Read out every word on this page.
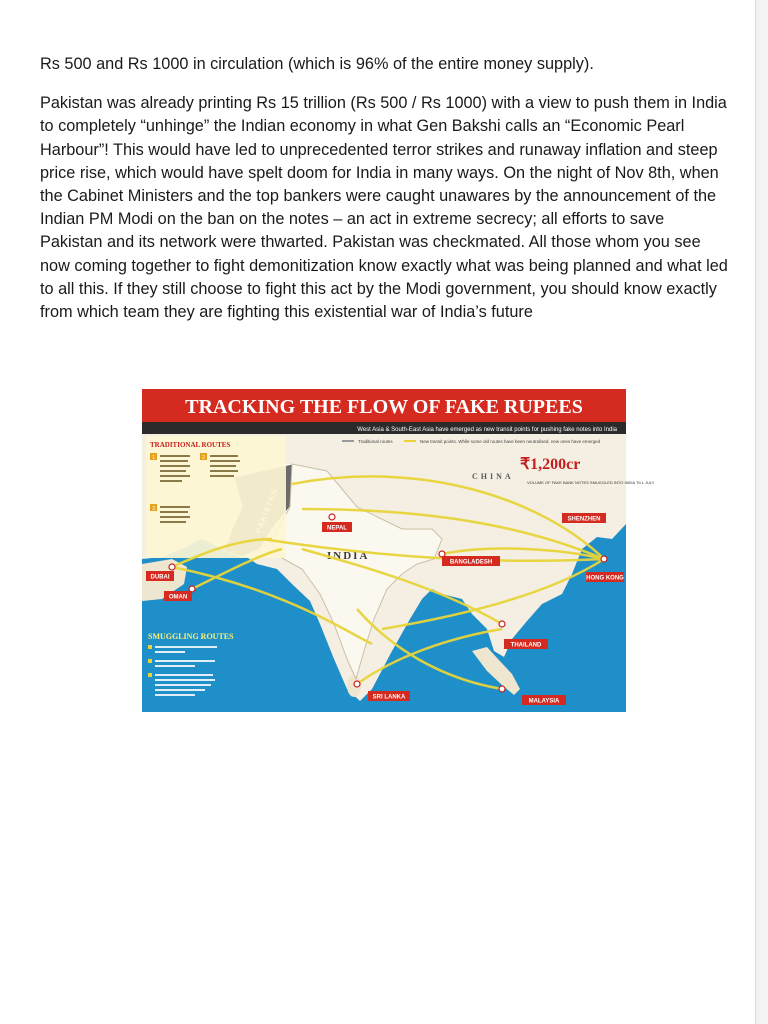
Rs 500 and Rs 1000 in circulation (which is 96% of the entire money supply).

Pakistan was already printing Rs 15 trillion (Rs 500 / Rs 1000) with a view to push them in India to completely “unhinge” the Indian economy in what Gen Bakshi calls an “Economic Pearl Harbour”! This would have led to unprecedented terror strikes and runaway inflation and steep price rise, which would have spelt doom for India in many ways. On the night of Nov 8th, when the Cabinet Ministers and the top bankers were caught unawares by the announcement of the Indian PM Modi on the ban on the notes – an act in extreme secrecy; all efforts to save Pakistan and its network were thwarted. Pakistan was checkmated. All those whom you see now coming together to fight demonitization know exactly what was being planned and what led to all this. If they still choose to fight this act by the Modi government, you should know exactly from which team they are fighting this existential war of India’s future

TRACKING THE FLOW OF FAKE RUPEES
West Asia & South-East Asia have emerged as new transit points for pushing fake notes into India
INDIA
CHINA
TRADITIONAL ROUTES
1	2
3
Traditional routes	New transit points. While some old routes have been neutralised, new ones have emerged
₹1,200cr
VOLUME OF FAKE BANK NOTES SMUGGLED INTO INDIA TILL JULY
NEPAL
BANGLADESH
DUBAI
OMAN
SHENZHEN
HONG KONG
THAILAND
SRI LANKA
MALAYSIA
SMUGGLING ROUTES
